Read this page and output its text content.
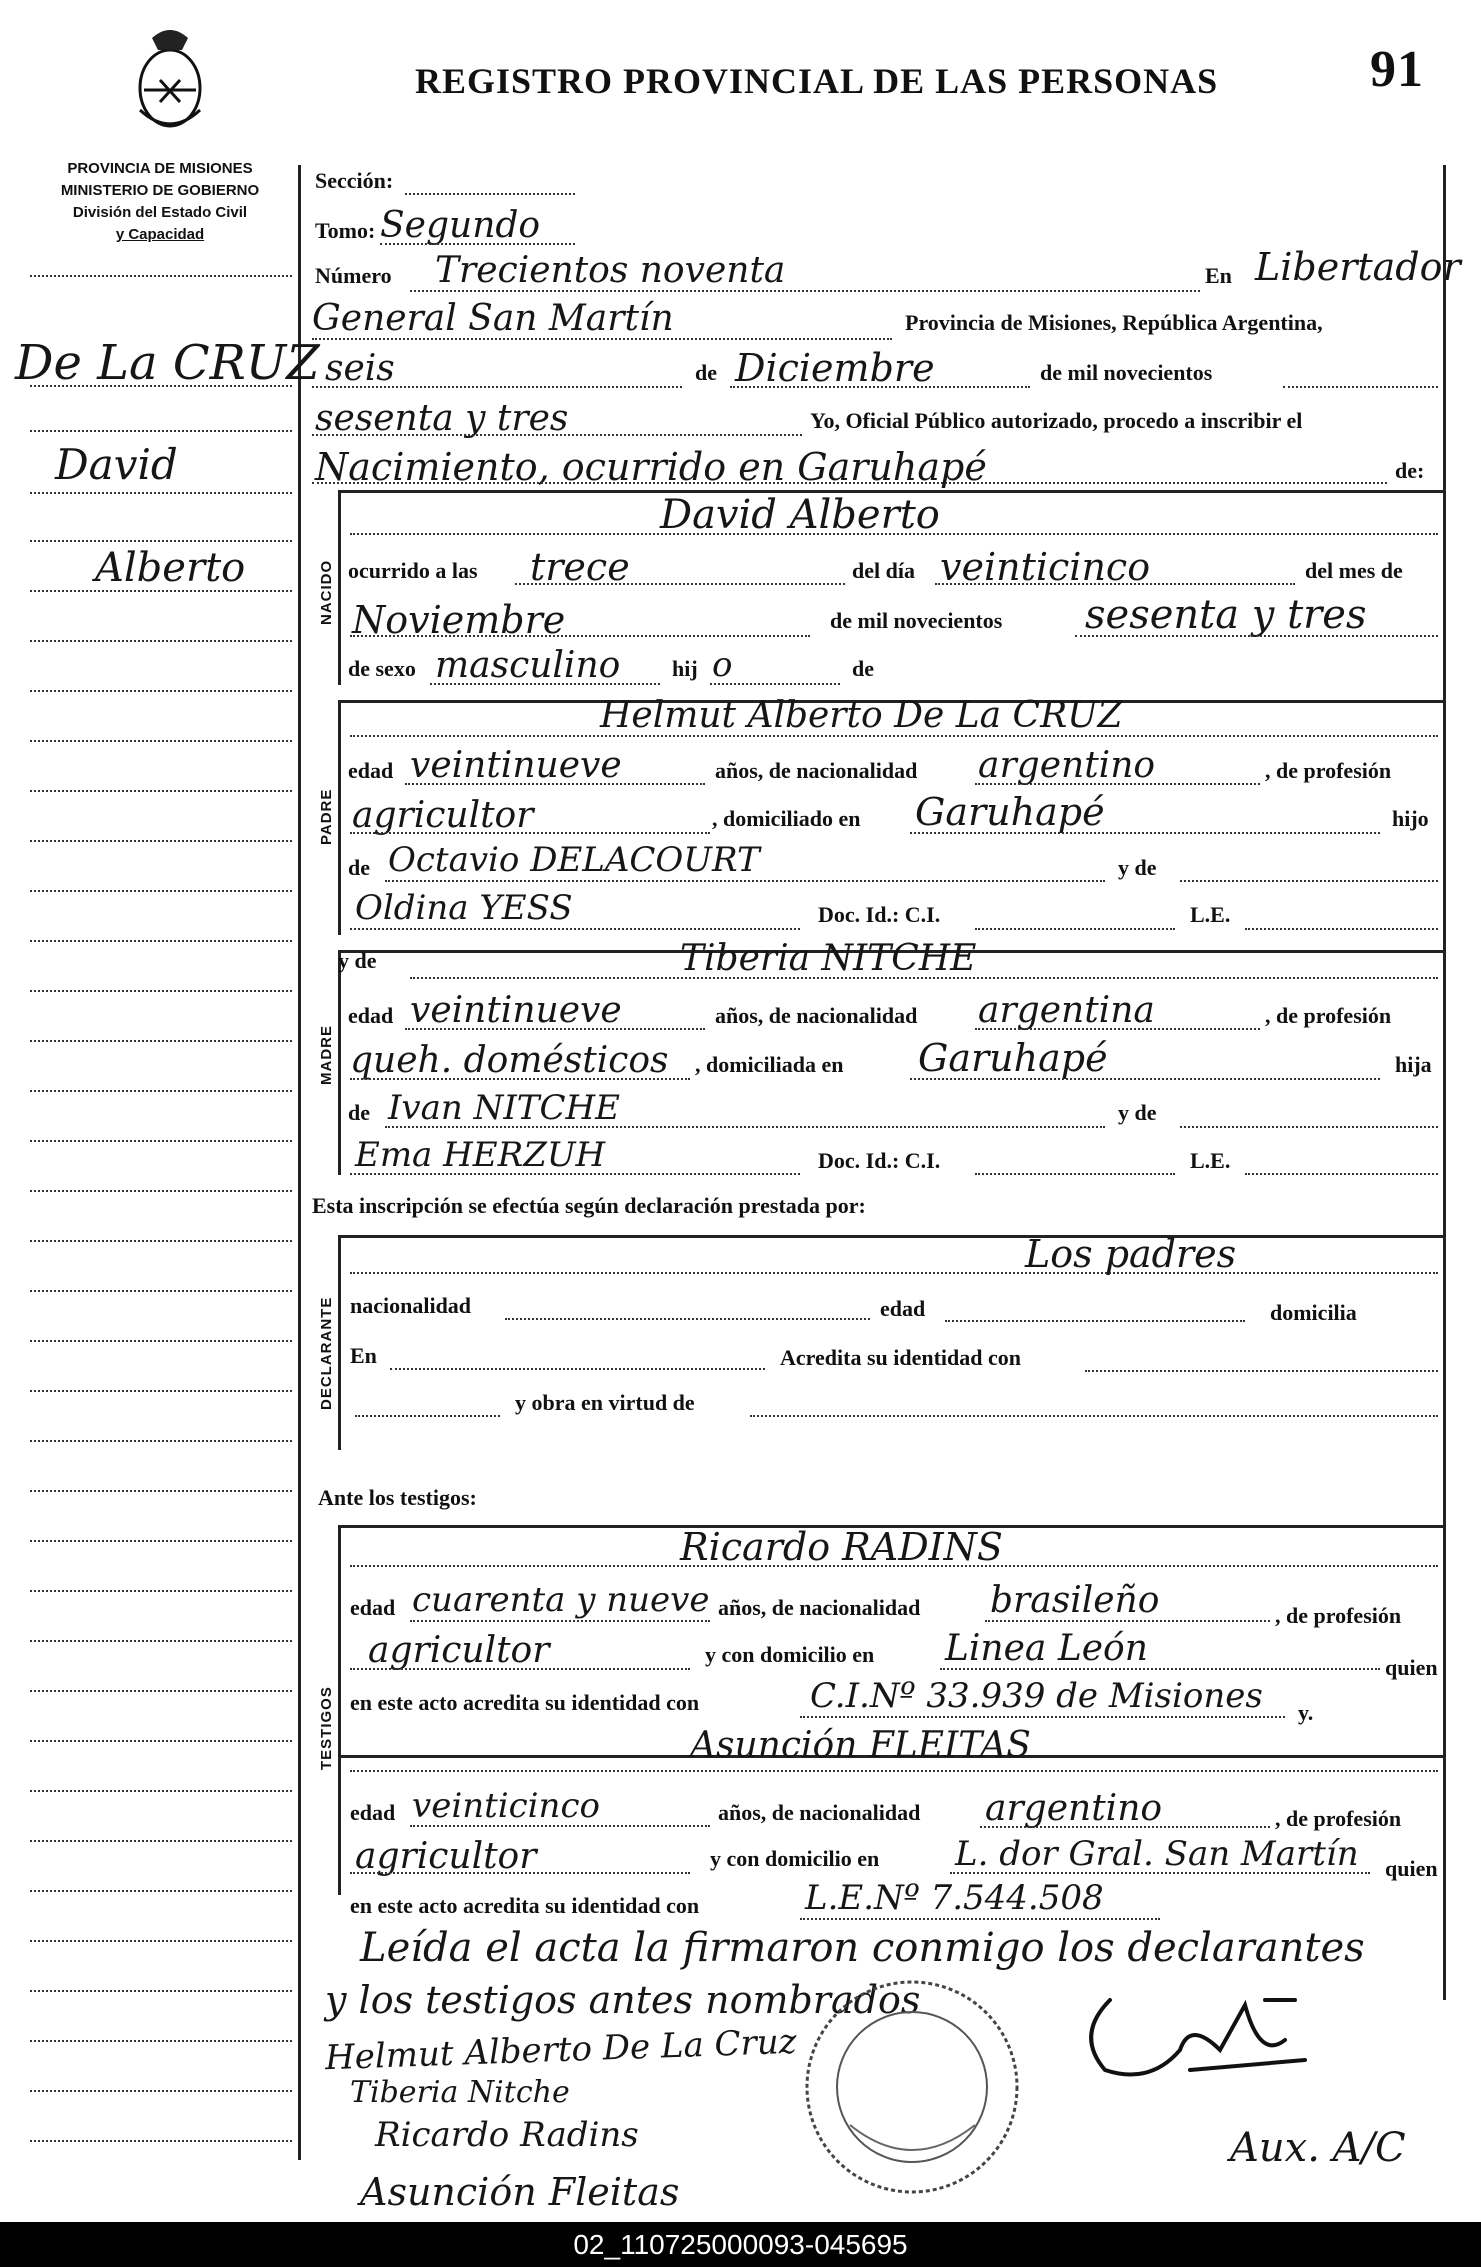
REGISTRO PROVINCIAL DE LAS PERSONAS	91
PROVINCIA DE MISIONES
MINISTERIO DE GOBIERNO
División del Estado Civil
y Capacidad
NACIDO
PADRE
MADRE
DECLARANTE
TESTIGOS
De La CRUZ
David
Alberto
Sección:
Tomo: Segundo
Número Trecientos noventa	En Libertador
General San Martín	Provincia de Misiones, República Argentina,
seis	de Diciembre	de mil novecientos
sesenta y tres	Yo, Oficial Público autorizado, procedo a inscribir el
Nacimiento, ocurrido en Garuhapé	de:
David Alberto
ocurrido a las trece	del día veinticinco	del mes de
Noviembre	de mil novecientos sesenta y tres
de sexo masculino hij o	de
Helmut Alberto De La CRUZ
edad veintinueve	años, de nacionalidad argentino	, de profesión
agricultor	, domiciliado en Garuhapé	hijo
de Octavio DELACOURT	y de
Oldina YESS	Doc. Id.: C.I.	L.E.
y de	Tiberia NITCHE
edad veintinueve	años, de nacionalidad argentina	, de profesión
queh. domésticos , domiciliada en Garuhapé	hija
de Ivan NITCHE	y de
Ema HERZUH	Doc. Id.: C.I.	L.E.
Esta inscripción se efectúa según declaración prestada por:
Los padres
nacionalidad	edad	domicilia
En	Acredita su identidad con
y obra en virtud de
Ante los testigos:
Ricardo RADINS
edad cuarenta y nueve años, de nacionalidad brasileño	, de profesión
agricultor	y con domicilio en Linea León	quien
en este acto acredita su identidad con	C.I.Nº 33.939 de Misiones y.
Asunción FLEITAS
edad veinticinco	años, de nacionalidad argentino	, de profesión
agricultor	y con domicilio en L. dor Gral. San Martín quien
en este acto acredita su identidad con	L.E.Nº 7.544.508
Leída el acta la firmaron conmigo los declarantes
y los testigos antes nombrados
Helmut Alberto De La Cruz
Tiberia Nitche
Ricardo Radins
Asunción Fleitas
Aux. A/C
02_110725000093-045695
